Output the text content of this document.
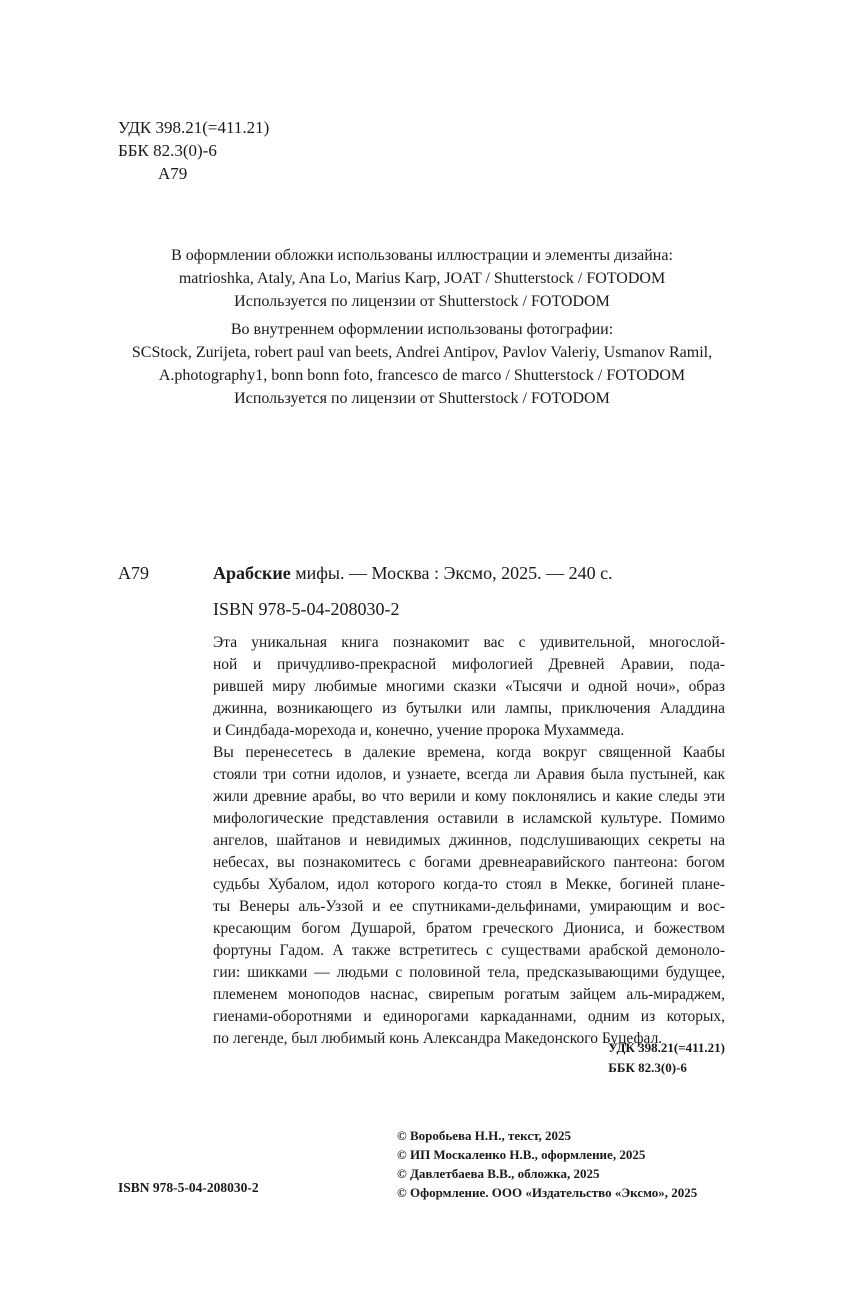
УДК 398.21(=411.21)
ББК 82.3(0)-6
А79
В оформлении обложки использованы иллюстрации и элементы дизайна:
matrioshka, Ataly, Ana Lo, Marius Karp, JOAT / Shutterstock / FOTODOM
Используется по лицензии от Shutterstock / FOTODOM
Во внутреннем оформлении использованы фотографии:
SCStock, Zurijeta, robert paul van beets, Andrei Antipov, Pavlov Valeriy, Usmanov Ramil,
A.photography1, bonn bonn foto, francesco de marco / Shutterstock / FOTODOM
Используется по лицензии от Shutterstock / FOTODOM
А79	Арабские мифы. — Москва : Эксмо, 2025. — 240 с.
ISBN 978-5-04-208030-2
Эта уникальная книга познакомит вас с удивительной, многослой-
ной и причудливо-прекрасной мифологией Древней Аравии, пода-
рившей миру любимые многими сказки «Тысячи и одной ночи», образ
джинна, возникающего из бутылки или лампы, приключения Аладдина
и Синдбада-морехода и, конечно, учение пророка Мухаммеда.
Вы перенесетесь в далекие времена, когда вокруг священной Каабы
стояли три сотни идолов, и узнаете, всегда ли Аравия была пустыней, как
жили древние арабы, во что верили и кому поклонялись и какие следы эти
мифологические представления оставили в исламской культуре. Помимо
ангелов, шайтанов и невидимых джиннов, подслушивающих секреты на
небесах, вы познакомитесь с богами древнеаравийского пантеона: богом
судьбы Хубалом, идол которого когда-то стоял в Мекке, богиней плане-
ты Венеры аль-Уззой и ее спутниками-дельфинами, умирающим и вос-
кресающим богом Душарой, братом греческого Диониса, и божеством
фортуны Гадом. А также встретитесь с существами арабской демоноло-
гии: шикками — людьми с половиной тела, предсказывающими будущее,
племенем моноподов наснас, свирепым рогатым зайцем аль-мираджем,
гиенами-оборотнями и единорогами каркаданнами, одним из которых,
по легенде, был любимый конь Александра Македонского Буцефал.
УДК 398.21(=411.21)
ББК 82.3(0)-6
© Воробьева Н.Н., текст, 2025
© ИП Москаленко Н.В., оформление, 2025
© Давлетбаева В.В., обложка, 2025
© Оформление. ООО «Издательство «Эксмо», 2025
ISBN 978-5-04-208030-2
